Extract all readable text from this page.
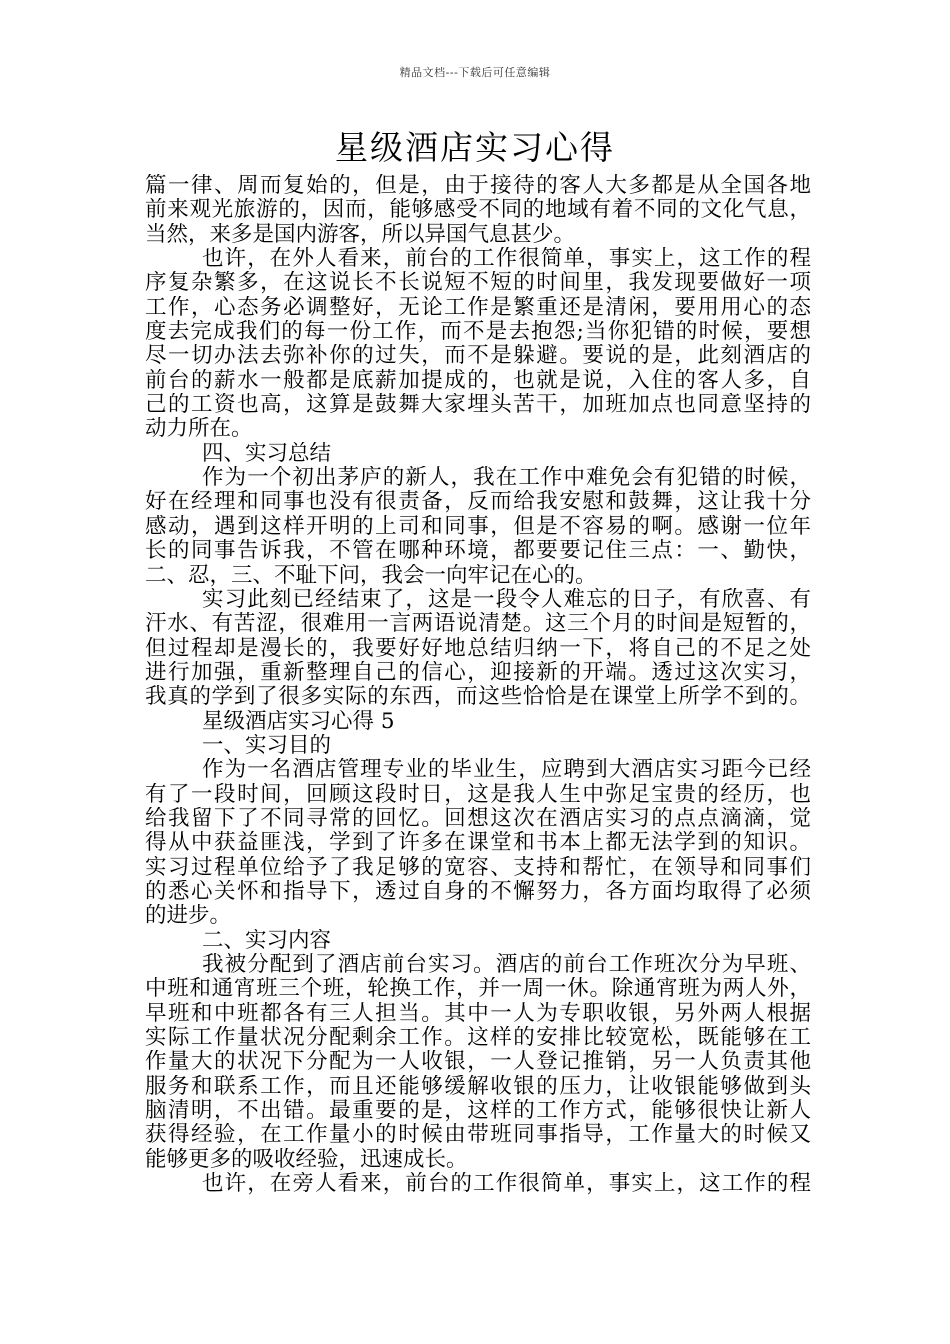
精品文档---下载后可任意编辑
星级酒店实习心得
篇一律、周而复始的，但是，由于接待的客人大多都是从全国各地
前来观光旅游的，因而，能够感受不同的地域有着不同的文化气息，
当然，来多是国内游客，所以异国气息甚少。
也许，在外人看来，前台的工作很简单，事实上，这工作的程
序复杂繁多，在这说长不长说短不短的时间里，我发现要做好一项
工作，心态务必调整好，无论工作是繁重还是清闲，要用用心的态
度去完成我们的每一份工作，而不是去抱怨;当你犯错的时候，要想
尽一切办法去弥补你的过失，而不是躲避。要说的是，此刻酒店的
前台的薪水一般都是底薪加提成的，也就是说，入住的客人多，自
己的工资也高，这算是鼓舞大家埋头苦干，加班加点也同意坚持的
动力所在。
四、实习总结
作为一个初出茅庐的新人，我在工作中难免会有犯错的时候，
好在经理和同事也没有很责备，反而给我安慰和鼓舞，这让我十分
感动，遇到这样开明的上司和同事，但是不容易的啊。感谢一位年
长的同事告诉我，不管在哪种环境，都要要记住三点：一、勤快，
二、忍，三、不耻下问，我会一向牢记在心的。
实习此刻已经结束了，这是一段令人难忘的日子，有欣喜、有
汗水、有苦涩，很难用一言两语说清楚。这三个月的时间是短暂的，
但过程却是漫长的，我要好好地总结归纳一下，将自己的不足之处
进行加强，重新整理自己的信心，迎接新的开端。透过这次实习，
我真的学到了很多实际的东西，而这些恰恰是在课堂上所学不到的。
星级酒店实习心得 5
一、实习目的
作为一名酒店管理专业的毕业生，应聘到大酒店实习距今已经
有了一段时间，回顾这段时日，这是我人生中弥足宝贵的经历，也
给我留下了不同寻常的回忆。回想这次在酒店实习的点点滴滴，觉
得从中获益匪浅，学到了许多在课堂和书本上都无法学到的知识。
实习过程单位给予了我足够的宽容、支持和帮忙，在领导和同事们
的悉心关怀和指导下，透过自身的不懈努力，各方面均取得了必须
的进步。
二、实习内容
我被分配到了酒店前台实习。酒店的前台工作班次分为早班、
中班和通宵班三个班，轮换工作，并一周一休。除通宵班为两人外，
早班和中班都各有三人担当。其中一人为专职收银，另外两人根据
实际工作量状况分配剩余工作。这样的安排比较宽松，既能够在工
作量大的状况下分配为一人收银，一人登记推销，另一人负责其他
服务和联系工作，而且还能够缓解收银的压力，让收银能够做到头
脑清明，不出错。最重要的是，这样的工作方式，能够很快让新人
获得经验，在工作量小的时候由带班同事指导，工作量大的时候又
能够更多的吸收经验，迅速成长。
也许，在旁人看来，前台的工作很简单，事实上，这工作的程
